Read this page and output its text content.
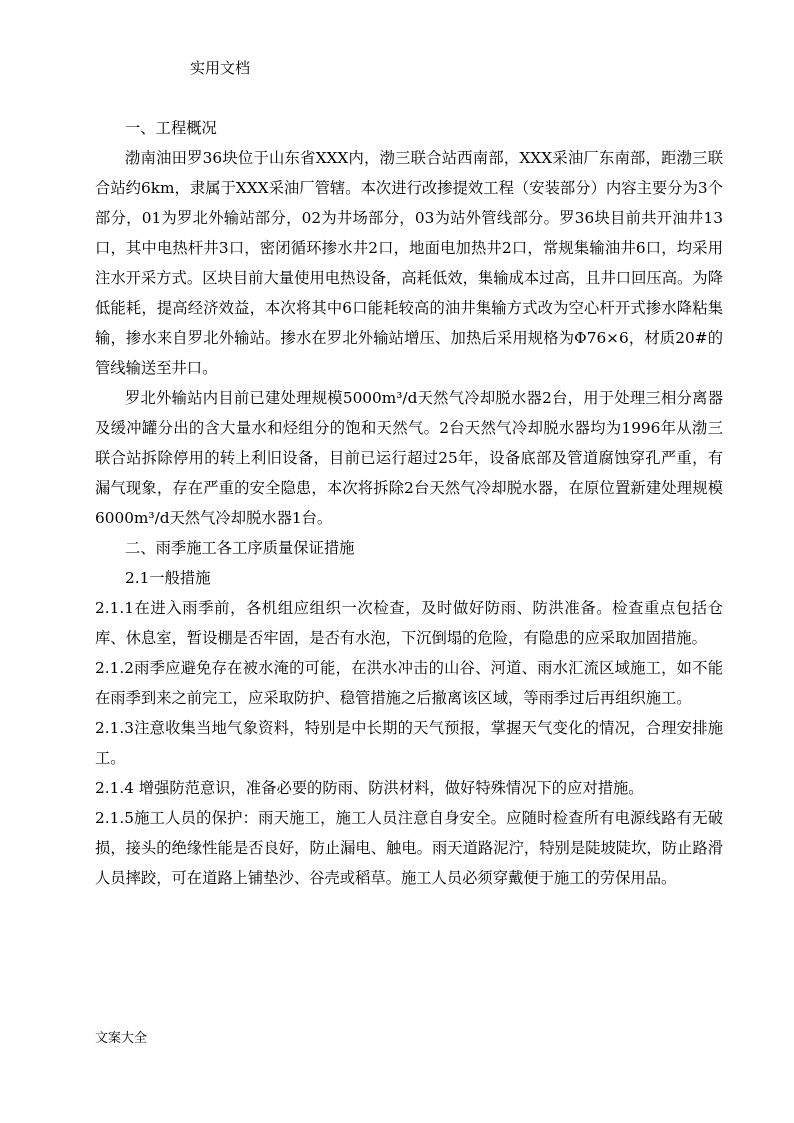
实用文档

一、工程概况

渤南油田罗36块位于山东省XXX内，渤三联合站西南部，XXX采油厂东南部，距渤三联合站约6km，隶属于XXX采油厂管辖。本次进行改掺提效工程（安装部分）内容主要分为3个部分，01为罗北外输站部分，02为井场部分，03为站外管线部分。罗36块目前共开油井13口，其中电热杆井3口，密闭循环掺水井2口，地面电加热井2口，常规集输油井6口，均采用注水开采方式。区块目前大量使用电热设备，高耗低效，集输成本过高，且井口回压高。为降低能耗，提高经济效益，本次将其中6口能耗较高的油井集输方式改为空心杆开式掺水降粘集输，掺水来自罗北外输站。掺水在罗北外输站增压、加热后采用规格为Φ76×6，材质20#的管线输送至井口。

罗北外输站内目前已建处理规模5000m³/d天然气冷却脱水器2台，用于处理三相分离器及缓冲罐分出的含大量水和烃组分的饱和天然气。2台天然气冷却脱水器均为1996年从渤三联合站拆除停用的转上利旧设备，目前已运行超过25年，设备底部及管道腐蚀穿孔严重，有漏气现象，存在严重的安全隐患，本次将拆除2台天然气冷却脱水器，在原位置新建处理规模6000m³/d天然气冷却脱水器1台。

二、雨季施工各工序质量保证措施

2.1一般措施

2.1.1在进入雨季前，各机组应组织一次检查，及时做好防雨、防洪准备。检查重点包括仓库、休息室，暂设棚是否牢固，是否有水泡，下沉倒塌的危险，有隐患的应采取加固措施。

2.1.2雨季应避免存在被水淹的可能，在洪水冲击的山谷、河道、雨水汇流区域施工，如不能在雨季到来之前完工，应采取防护、稳管措施之后撤离该区域，等雨季过后再组织施工。

2.1.3注意收集当地气象资料，特别是中长期的天气预报，掌握天气变化的情况，合理安排施工。

2.1.4 增强防范意识，准备必要的防雨、防洪材料，做好特殊情况下的应对措施。

2.1.5施工人员的保护：雨天施工，施工人员注意自身安全。应随时检查所有电源线路有无破损，接头的绝缘性能是否良好，防止漏电、触电。雨天道路泥泞，特别是陡坡陡坎，防止路滑人员摔跤，可在道路上铺垫沙、谷壳或稻草。施工人员必须穿戴便于施工的劳保用品。

文案大全
